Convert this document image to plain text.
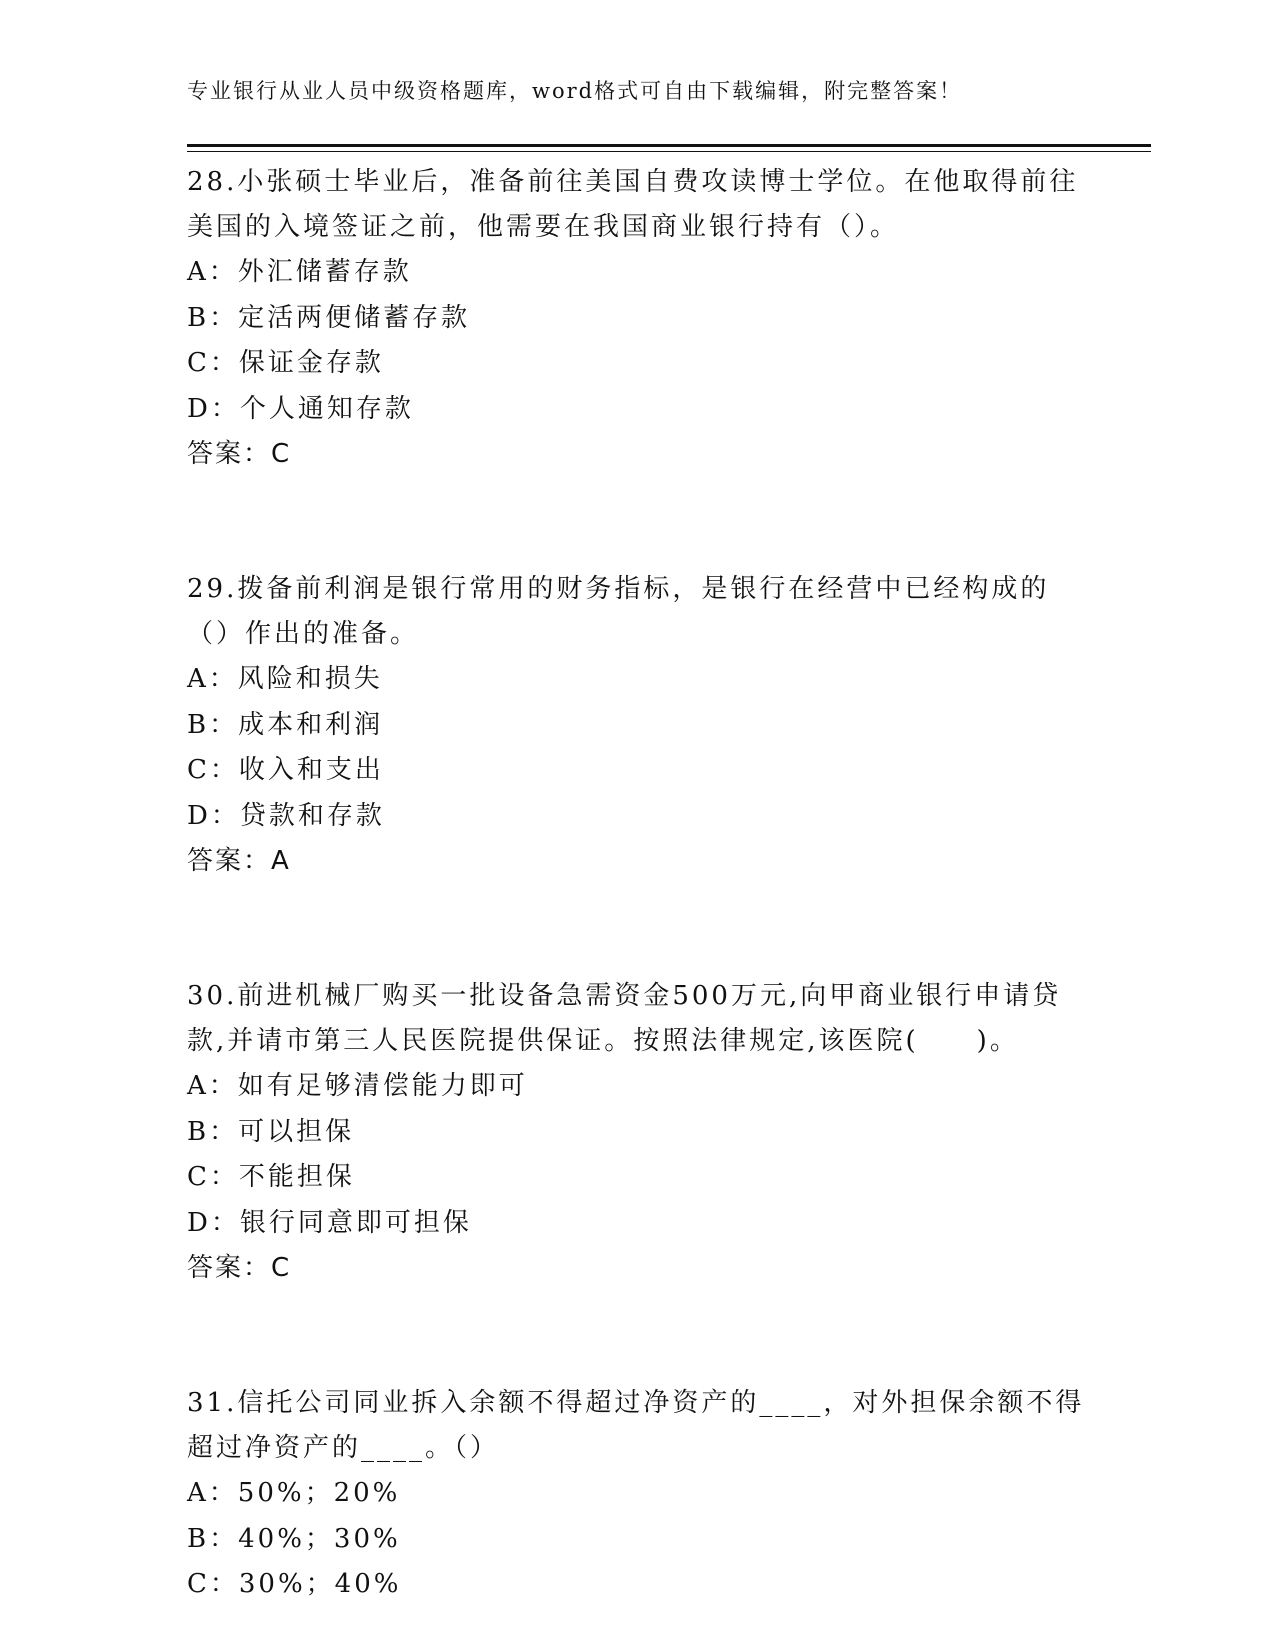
专业银行从业人员中级资格题库，word格式可自由下载编辑，附完整答案！

28.小张硕士毕业后，准备前往美国自费攻读博士学位。在他取得前往美国的入境签证之前，他需要在我国商业银行持有（）。

A：外汇储蓄存款

B：定活两便储蓄存款

C：保证金存款

D：个人通知存款

答案：C

29.拨备前利润是银行常用的财务指标，是银行在经营中已经构成的（）作出的准备。

A：风险和损失

B：成本和利润

C：收入和支出

D：贷款和存款

答案：A

30.前进机械厂购买一批设备急需资金500万元,向甲商业银行申请贷款,并请市第三人民医院提供保证。按照法律规定,该医院(　　)。

A：如有足够清偿能力即可

B：可以担保

C：不能担保

D：银行同意即可担保

答案：C

31.信托公司同业拆入余额不得超过净资产的____，对外担保余额不得超过净资产的____。（）

A：50%；20%

B：40%；30%

C：30%；40%
